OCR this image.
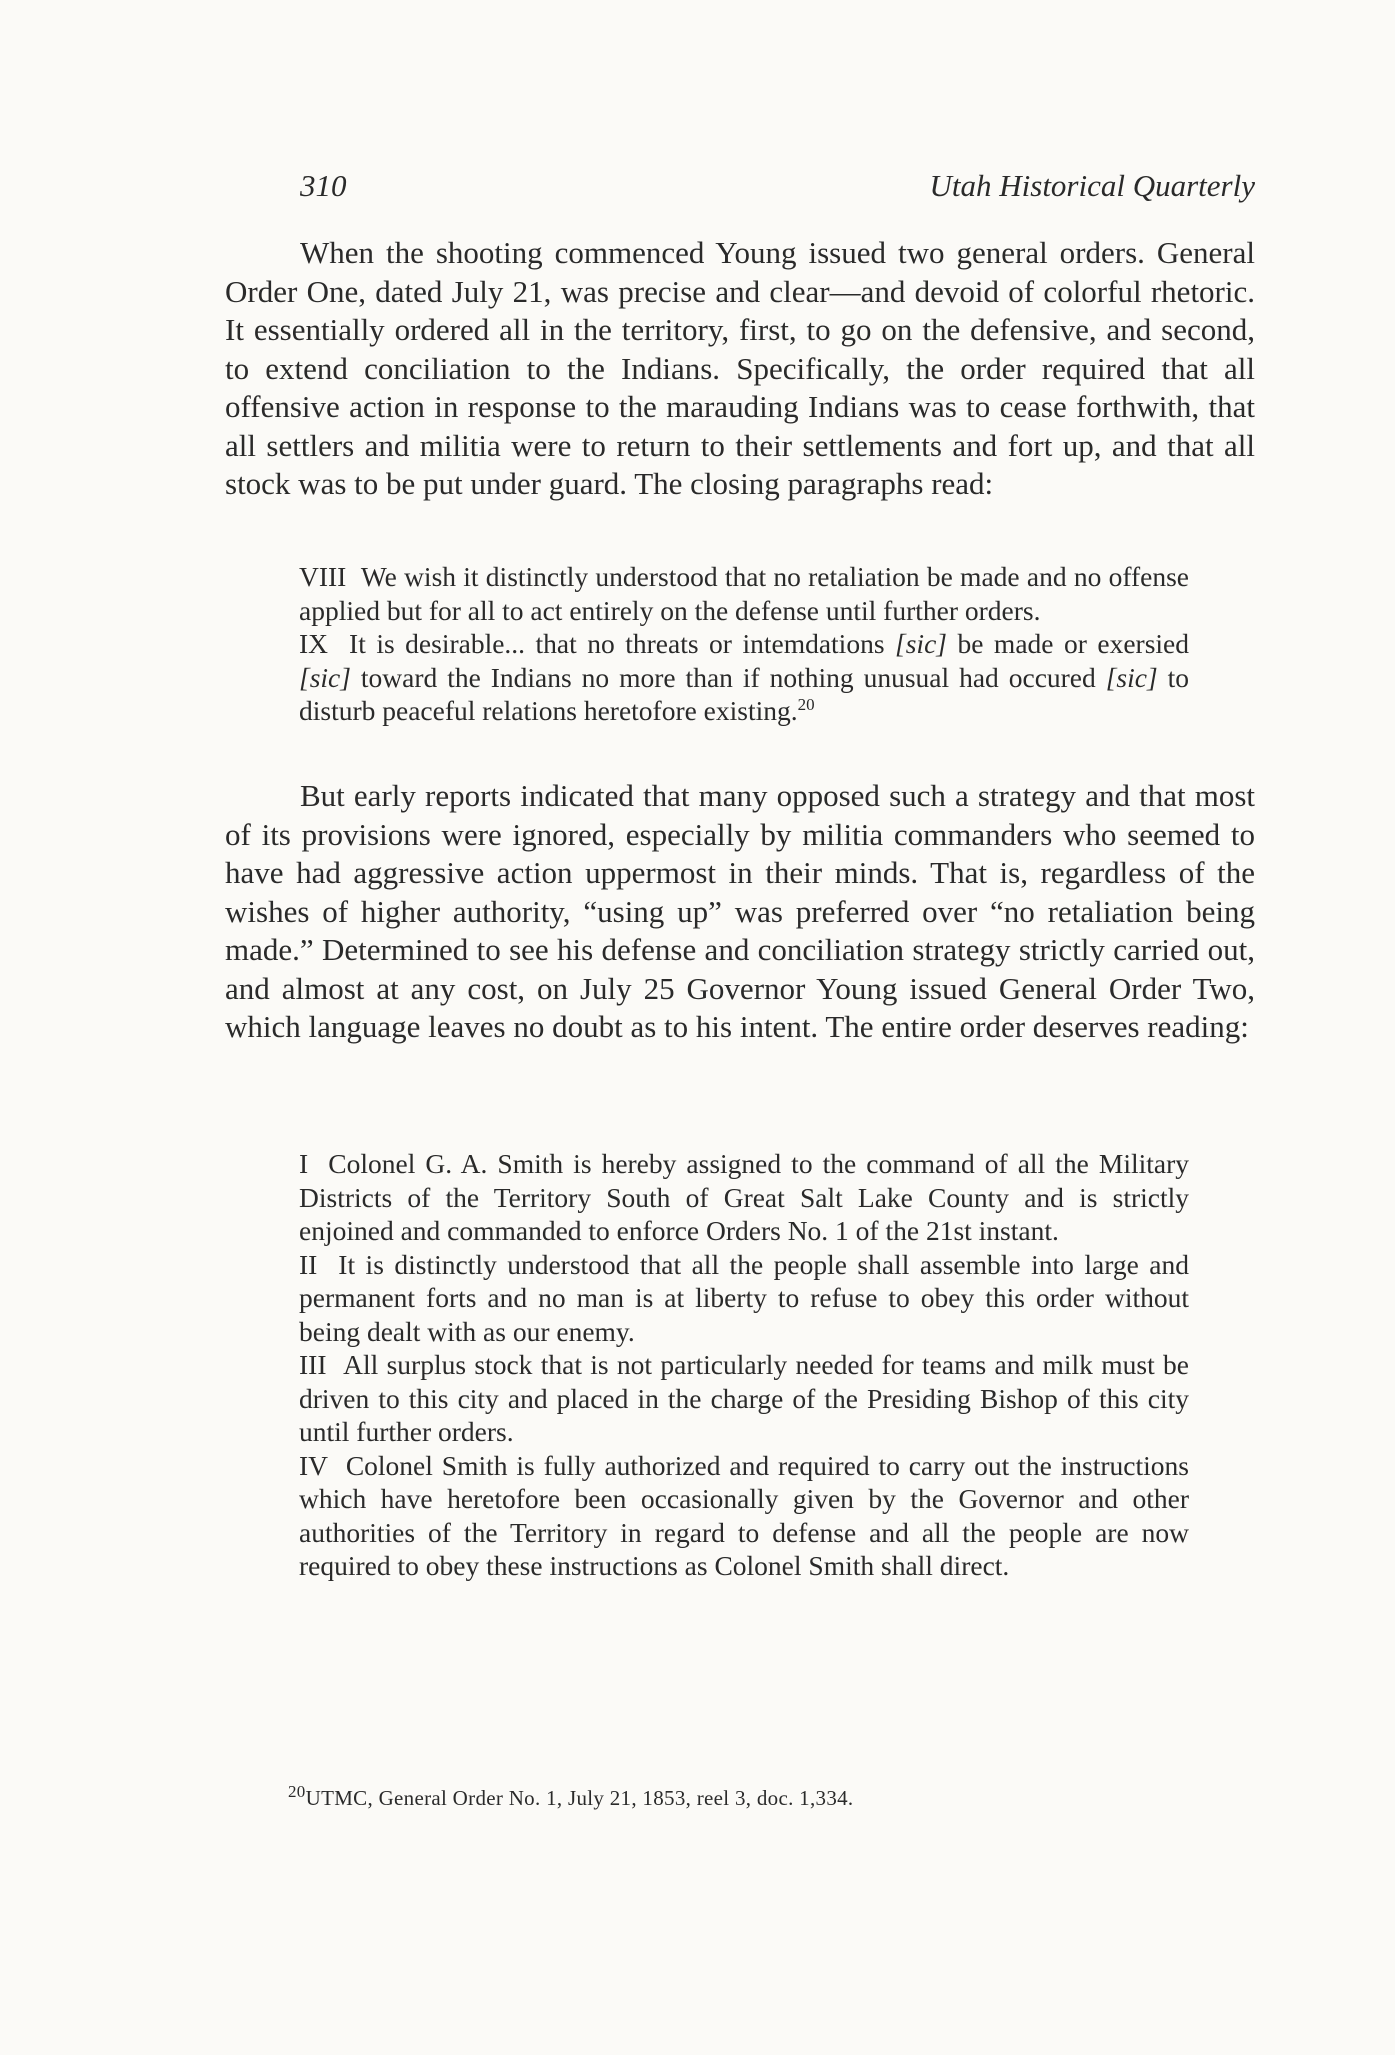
310	Utah Historical Quarterly

When the shooting commenced Young issued two general orders. General Order One, dated July 21, was precise and clear—and devoid of colorful rhetoric. It essentially ordered all in the territory, first, to go on the defensive, and second, to extend conciliation to the Indians. Specifically, the order required that all offensive action in response to the marauding Indians was to cease forthwith, that all settlers and militia were to return to their settlements and fort up, and that all stock was to be put under guard. The closing paragraphs read:

VIII We wish it distinctly understood that no retaliation be made and no offense applied but for all to act entirely on the defense until further orders.

IX It is desirable... that no threats or intemdations [sic] be made or exersied [sic] toward the Indians no more than if nothing unusual had occured [sic] to disturb peaceful relations heretofore existing.$^{20}$

But early reports indicated that many opposed such a strategy and that most of its provisions were ignored, especially by militia commanders who seemed to have had aggressive action uppermost in their minds. That is, regardless of the wishes of higher authority, “using up” was preferred over “no retaliation being made.” Determined to see his defense and conciliation strategy strictly carried out, and almost at any cost, on July 25 Governor Young issued General Order Two, which language leaves no doubt as to his intent. The entire order deserves reading:

I Colonel G. A. Smith is hereby assigned to the command of all the Military Districts of the Territory South of Great Salt Lake County and is strictly enjoined and commanded to enforce Orders No. 1 of the 21st instant.

II It is distinctly understood that all the people shall assemble into large and permanent forts and no man is at liberty to refuse to obey this order without being dealt with as our enemy.

III All surplus stock that is not particularly needed for teams and milk must be driven to this city and placed in the charge of the Presiding Bishop of this city until further orders.

IV Colonel Smith is fully authorized and required to carry out the instructions which have heretofore been occasionally given by the Governor and other authorities of the Territory in regard to defense and all the people are now required to obey these instructions as Colonel Smith shall direct.

$^{20}$UTMC, General Order No. 1, July 21, 1853, reel 3, doc. 1,334.
